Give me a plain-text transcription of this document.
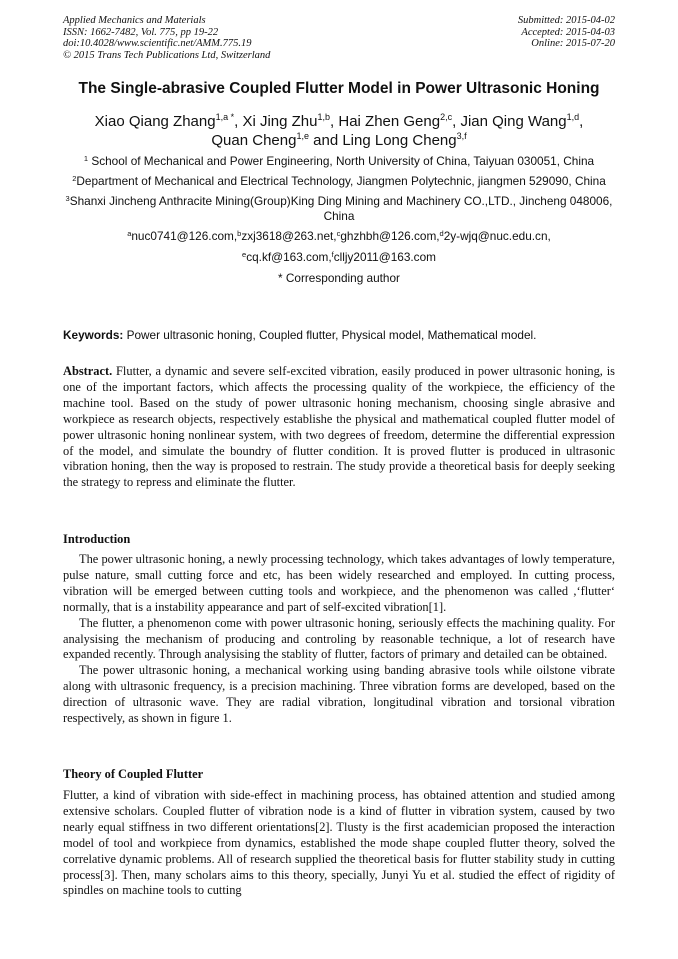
Applied Mechanics and Materials
ISSN: 1662-7482, Vol. 775, pp 19-22
doi:10.4028/www.scientific.net/AMM.775.19
© 2015 Trans Tech Publications Ltd, Switzerland
Submitted: 2015-04-02
Accepted: 2015-04-03
Online: 2015-07-20
The Single-abrasive Coupled Flutter Model in Power Ultrasonic Honing
Xiao Qiang Zhang$^{1,a *}$, Xi Jing Zhu$^{1,b}$, Hai Zhen Geng$^{2,c}$, Jian Qing Wang$^{1,d}$,
Quan Cheng$^{1,e}$ and Ling Long Cheng$^{3,f}$

$^1$ School of Mechanical and Power Engineering, North University of China, Taiyuan 030051, China

$^2$Department of Mechanical and Electrical Technology, Jiangmen Polytechnic, jiangmen 529090, China

$^3$Shanxi Jincheng Anthracite Mining(Group)King Ding Mining and Machinery CO.,LTD., Jincheng 048006, China

$^a$nuc0741@126.com,$^b$zxj3618@263.net,$^c$ghzhbh@126.com,$^d$2y-wjq@nuc.edu.cn,

$^e$cq.kf@163.com,$^f$clljy2011@163.com

* Corresponding author

Keywords: Power ultrasonic honing, Coupled flutter, Physical model, Mathematical model.
Abstract. Flutter, a dynamic and severe self-excited vibration, easily produced in power ultrasonic honing, is one of the important factors, which affects the processing quality of the workpiece, the efficiency of the machine tool. Based on the study of power ultrasonic honing mechanism, choosing single abrasive and workpiece as research objects, respectively establishe the physical and mathematical coupled flutter model of power ultrasonic honing nonlinear system, with two degrees of freedom, determine the differential expression of the model, and simulate the boundry of flutter condition. It is proved flutter is produced in ultrasonic vibration honing, then the way is proposed to restrain. The study provide a theoretical basis for deeply seeking the strategy to repress and eliminate the flutter.
Introduction

The power ultrasonic honing, a newly processing technology, which takes advantages of lowly temperature, pulse nature, small cutting force and etc, has been widely researched and employed. In cutting process, vibration will be emerged between cutting tools and workpiece, and the phenomenon was called ,‘flutter‘ normally, that is a instability appearance and part of self-excited vibration[1].

The flutter, a phenomenon come with power ultrasonic honing, seriously effects the machining quality. For analysising the mechanism of producing and controling by reasonable technique, a lot of research have expanded recently. Through analysising the stablity of flutter, factors of primary and detailed can be obtained.

The power ultrasonic honing, a mechanical working using banding abrasive tools while oilstone vibrate along with ultrasonic frequency, is a precision machining. Three vibration forms are developed, based on the direction of ultrasonic wave. They are radial vibration, longitudinal vibration and torsional vibration respectively, as shown in figure 1.

Theory of Coupled Flutter

Flutter, a kind of vibration with side-effect in machining process, has obtained attention and studied among extensive scholars. Coupled flutter of vibration node is a kind of flutter in vibration system, caused by two nearly equal stiffness in two different orientations[2]. Tlusty is the first academician proposed the interaction model of tool and workpiece from dynamics, established the mode shape coupled flutter theory, solved the correlative dynamic problems. All of research supplied the theoretical basis for flutter stability study in cutting process[3]. Then, many scholars aims to this theory, specially, Junyi Yu et al. studied the effect of rigidity of spindles on machine tools to cutting
